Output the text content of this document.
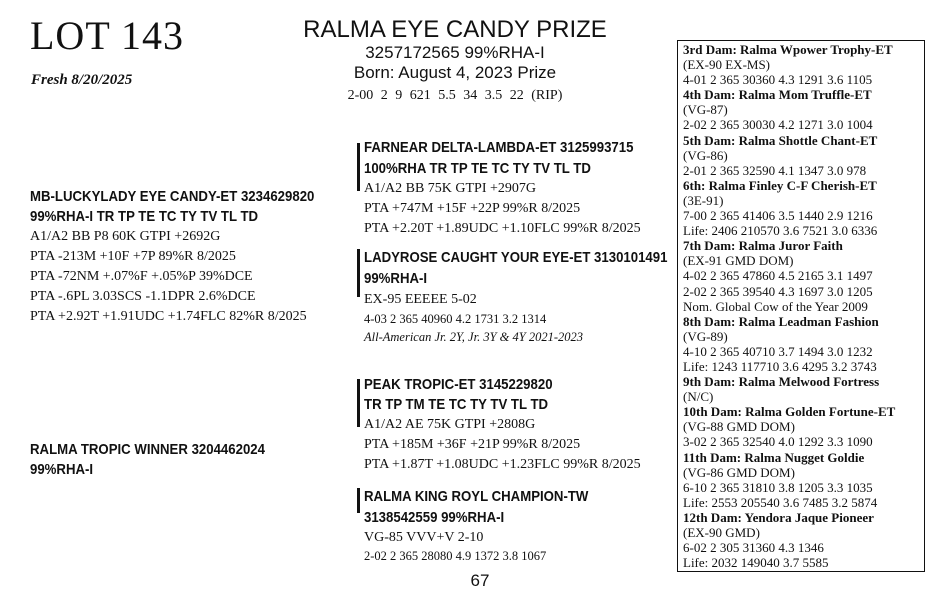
LOT 143
Fresh 8/20/2025
RALMA EYE CANDY PRIZE
3257172565 99%RHA-I
Born: August 4, 2023 Prize
2-00 2 9 621 5.5 34 3.5 22 (RIP)
MB-LUCKYLADY EYE CANDY-ET 3234629820
99%RHA-I TR TP TE TC TY TV TL TD
A1/A2 BB P8 60K GTPI +2692G
PTA -213M +10F +7P 89%R 8/2025
PTA -72NM +.07%F +.05%P 39%DCE
PTA -.6PL 3.03SCS -1.1DPR 2.6%DCE
PTA +2.92T +1.91UDC +1.74FLC 82%R 8/2025
RALMA TROPIC WINNER 3204462024
99%RHA-I
FARNEAR DELTA-LAMBDA-ET 3125993715
100%RHA TR TP TE TC TY TV TL TD
A1/A2 BB 75K GTPI +2907G
PTA +747M +15F +22P 99%R 8/2025
PTA +2.20T +1.89UDC +1.10FLC 99%R 8/2025
LADYROSE CAUGHT YOUR EYE-ET 3130101491
99%RHA-I
EX-95 EEEEE 5-02
4-03 2 365 40960 4.2 1731 3.2 1314
All-American Jr. 2Y, Jr. 3Y & 4Y 2021-2023
PEAK TROPIC-ET 3145229820
TR TP TM TE TC TY TV TL TD
A1/A2 AE 75K GTPI +2808G
PTA +185M +36F +21P 99%R 8/2025
PTA +1.87T +1.08UDC +1.23FLC 99%R 8/2025
RALMA KING ROYL CHAMPION-TW
3138542559 99%RHA-I
VG-85 VVV+V 2-10
2-02 2 365 28080 4.9 1372 3.8 1067
3rd Dam: Ralma Wpower Trophy-ET
(EX-90 EX-MS)
4-01 2 365 30360 4.3 1291 3.6 1105
4th Dam: Ralma Mom Truffle-ET
(VG-87)
2-02 2 365 30030 4.2 1271 3.0 1004
5th Dam: Ralma Shottle Chant-ET
(VG-86)
2-01 2 365 32590 4.1 1347 3.0 978
6th: Ralma Finley C-F Cherish-ET
(3E-91)
7-00 2 365 41406 3.5 1440 2.9 1216
Life: 2406 210570 3.6 7521 3.0 6336
7th Dam: Ralma Juror Faith
(EX-91 GMD DOM)
4-02 2 365 47860 4.5 2165 3.1 1497
2-02 2 365 39540 4.3 1697 3.0 1205
Nom. Global Cow of the Year 2009
8th Dam: Ralma Leadman Fashion
(VG-89)
4-10 2 365 40710 3.7 1494 3.0 1232
Life: 1243 117710 3.6 4295 3.2 3743
9th Dam: Ralma Melwood Fortress
(N/C)
10th Dam: Ralma Golden Fortune-ET
(VG-88 GMD DOM)
3-02 2 365 32540 4.0 1292 3.3 1090
11th Dam: Ralma Nugget Goldie
(VG-86 GMD DOM)
6-10 2 365 31810 3.8 1205 3.3 1035
Life: 2553 205540 3.6 7485 3.2 5874
12th Dam: Yendora Jaque Pioneer
(EX-90 GMD)
6-02 2 305 31360 4.3 1346
Life: 2032 149040 3.7 5585
67
